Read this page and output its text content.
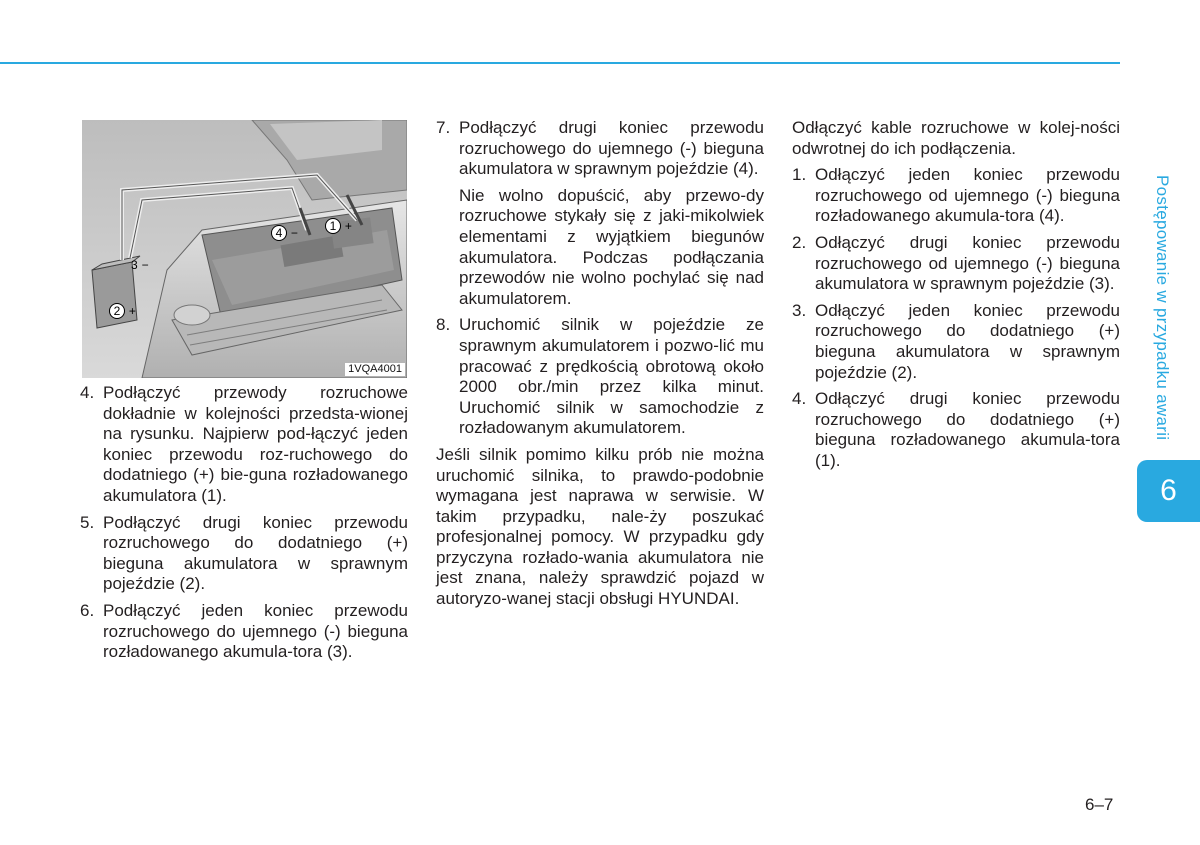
1 +
4 −
3 −
2 +
1VQA4001
4. Podłączyć przewody rozruchowe dokładnie w kolejności przedsta-wionej na rysunku. Najpierw pod-łączyć jeden koniec przewodu roz-ruchowego do dodatniego (+) bie-guna rozładowanego akumulatora (1).
5. Podłączyć drugi koniec przewodu rozruchowego do dodatniego (+) bieguna akumulatora w sprawnym pojeździe (2).
6. Podłączyć jeden koniec przewodu rozruchowego do ujemnego (-) bieguna rozładowanego akumula-tora (3).
7. Podłączyć drugi koniec przewodu rozruchowego do ujemnego (-) bieguna akumulatora w sprawnym pojeździe (4).
Nie wolno dopuścić, aby przewo-dy rozruchowe stykały się z jaki-mikolwiek elementami z wyjątkiem biegunów akumulatora. Podczas podłączania przewodów nie wolno pochylać się nad akumulatorem.
8. Uruchomić silnik w pojeździe ze sprawnym akumulatorem i pozwo-lić mu pracować z prędkością obrotową około 2000 obr./min przez kilka minut. Uruchomić silnik w samochodzie z rozładowanym akumulatorem.
Jeśli silnik pomimo kilku prób nie można uruchomić silnika, to prawdo-podobnie wymagana jest naprawa w serwisie. W takim przypadku, nale-ży poszukać profesjonalnej pomocy. W przypadku gdy przyczyna rozłado-wania akumulatora nie jest znana, należy sprawdzić pojazd w autoryzo-wanej stacji obsługi HYUNDAI.
Odłączyć kable rozruchowe w kolej-ności odwrotnej do ich podłączenia.
1. Odłączyć jeden koniec przewodu rozruchowego od ujemnego (-) bieguna rozładowanego akumula-tora (4).
2. Odłączyć drugi koniec przewodu rozruchowego od ujemnego (-) bieguna akumulatora w sprawnym pojeździe (3).
3. Odłączyć jeden koniec przewodu rozruchowego do dodatniego (+) bieguna akumulatora w sprawnym pojeździe (2).
4. Odłączyć drugi koniec przewodu rozruchowego do dodatniego (+) bieguna rozładowanego akumula-tora (1).
Postępowanie w przypadku awarii
6
6–7
